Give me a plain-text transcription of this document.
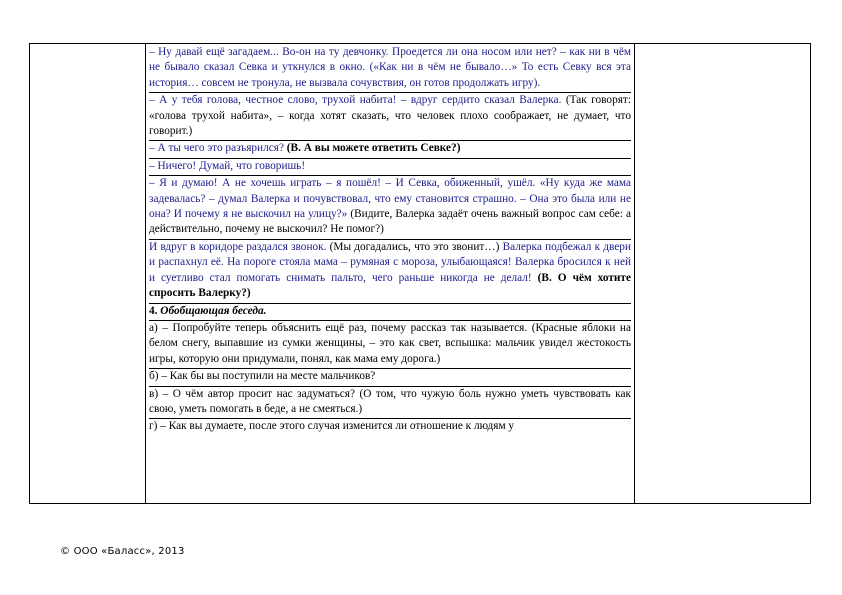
– Ну давай ещё загадаем... Во-он на ту девчонку. Проедется ли она носом или нет? – как ни в чём не бывало сказал Севка и уткнулся в окно. («Как ни в чём не бывало…» То есть Севку вся эта история… совсем не тронула, не вызвала сочувствия, он готов продолжать игру).

– А у тебя голова, честное слово, трухой набита! – вдруг сердито сказал Валерка. (Так говорят: «голова трухой набита», – когда хотят сказать, что человек плохо соображает, не думает, что говорит.)

– А ты чего это разъярился? (В. А вы можете ответить Севке?)

– Ничего! Думай, что говоришь!

– Я и думаю! А не хочешь играть – я пошёл! – И Севка, обиженный, ушёл. «Ну куда же мама задевалась? – думал Валерка и почувствовал, что ему становится страшно. – Она это была или не она? И почему я не выскочил на улицу?» (Видите, Валерка задаёт очень важный вопрос сам себе: а действительно, почему не выскочил? Не помог?)

И вдруг в коридоре раздался звонок. (Мы догадались, что это звонит…) Валерка подбежал к двери и распахнул её. На пороге стояла мама – румяная с мороза, улыбающаяся! Валерка бросился к ней и суетливо стал помогать снимать пальто, чего раньше никогда не делал! (В. О чём хотите спросить Валерку?)

4. Обобщающая беседа.

а) – Попробуйте теперь объяснить ещё раз, почему рассказ так называется. (Красные яблоки на белом снегу, выпавшие из сумки женщины, – это как свет, вспышка: мальчик увидел жестокость игры, которую они придумали, понял, как мама ему дорога.)

б) – Как бы вы поступили на месте мальчиков?

в) – О чём автор просит нас задуматься? (О том, что чужую боль нужно уметь чувствовать как свою, уметь помогать в беде, а не смеяться.)

г) – Как вы думаете, после этого случая изменится ли отношение к людям у

© ООО «Баласс», 2013
